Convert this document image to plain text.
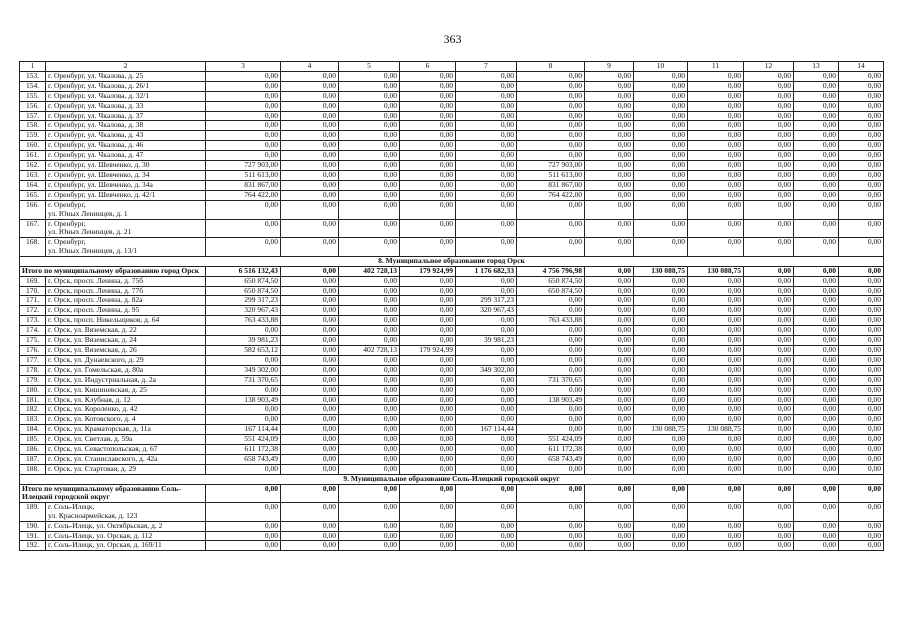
363
1	2	3	4	5	6	7	8	9	10	11	12	13	14
153.	г. Оренбург, ул. Чкалова, д. 25	0,00	0,00	0,00	0,00	0,00	0,00	0,00	0,00	0,00	0,00	0,00	0,00
154.	г. Оренбург, ул. Чкалова, д. 26/1	0,00	0,00	0,00	0,00	0,00	0,00	0,00	0,00	0,00	0,00	0,00	0,00
155.	г. Оренбург, ул. Чкалова, д. 32/1	0,00	0,00	0,00	0,00	0,00	0,00	0,00	0,00	0,00	0,00	0,00	0,00
156.	г. Оренбург, ул. Чкалова, д. 33	0,00	0,00	0,00	0,00	0,00	0,00	0,00	0,00	0,00	0,00	0,00	0,00
157.	г. Оренбург, ул. Чкалова, д. 37	0,00	0,00	0,00	0,00	0,00	0,00	0,00	0,00	0,00	0,00	0,00	0,00
158.	г. Оренбург, ул. Чкалова, д. 38	0,00	0,00	0,00	0,00	0,00	0,00	0,00	0,00	0,00	0,00	0,00	0,00
159.	г. Оренбург, ул. Чкалова, д. 43	0,00	0,00	0,00	0,00	0,00	0,00	0,00	0,00	0,00	0,00	0,00	0,00
160.	г. Оренбург, ул. Чкалова, д. 46	0,00	0,00	0,00	0,00	0,00	0,00	0,00	0,00	0,00	0,00	0,00	0,00
161.	г. Оренбург, ул. Чкалова, д. 47	0,00	0,00	0,00	0,00	0,00	0,00	0,00	0,00	0,00	0,00	0,00	0,00
162.	г. Оренбург, ул. Шевченко, д. 30	727 903,00	0,00	0,00	0,00	0,00	727 903,00	0,00	0,00	0,00	0,00	0,00	0,00
163.	г. Оренбург, ул. Шевченко, д. 34	511 613,00	0,00	0,00	0,00	0,00	511 613,00	0,00	0,00	0,00	0,00	0,00	0,00
164.	г. Оренбург, ул. Шевченко, д. 34а	831 867,00	0,00	0,00	0,00	0,00	831 867,00	0,00	0,00	0,00	0,00	0,00	0,00
165.	г. Оренбург, ул. Шевченко, д. 42/1	764 422,00	0,00	0,00	0,00	0,00	764 422,00	0,00	0,00	0,00	0,00	0,00	0,00
166.	г. Оренбург,
ул. Юных Ленинцев, д. 1	0,00	0,00	0,00	0,00	0,00	0,00	0,00	0,00	0,00	0,00	0,00	0,00
167.	г. Оренбург,
ул. Юных Ленинцев, д. 21	0,00	0,00	0,00	0,00	0,00	0,00	0,00	0,00	0,00	0,00	0,00	0,00
168.	г. Оренбург,
ул. Юных Ленинцев, д. 13/1	0,00	0,00	0,00	0,00	0,00	0,00	0,00	0,00	0,00	0,00	0,00	0,00
8. Муниципальное образование город Орск													
Итого по муниципальному образованию город Орск		6 516 132,43	0,00	402 728,13	179 924,99	1 176 682,33	4 756 796,98	0,00	130 088,75	130 088,75	0,00	0,00	0,00
169.	г. Орск, просп. Ленина, д. 75б	650 874,50	0,00	0,00	0,00	0,00	650 874,50	0,00	0,00	0,00	0,00	0,00	0,00
170.	г. Орск, просп. Ленина, д. 77б	650 874,50	0,00	0,00	0,00	0,00	650 874,50	0,00	0,00	0,00	0,00	0,00	0,00
171.	г. Орск, просп. Ленина, д. 82а	299 317,23	0,00	0,00	0,00	299 317,23	0,00	0,00	0,00	0,00	0,00	0,00	0,00
172.	г. Орск, просп. Ленина, д. 95	320 967,43	0,00	0,00	0,00	320 967,43	0,00	0,00	0,00	0,00	0,00	0,00	0,00
173.	г. Орск, просп. Никельщиков, д. 64	763 433,88	0,00	0,00	0,00	0,00	763 433,88	0,00	0,00	0,00	0,00	0,00	0,00
174.	г. Орск, ул. Вяземская, д. 22	0,00	0,00	0,00	0,00	0,00	0,00	0,00	0,00	0,00	0,00	0,00	0,00
175.	г. Орск, ул. Вяземская, д. 24	39 981,23	0,00	0,00	0,00	39 981,23	0,00	0,00	0,00	0,00	0,00	0,00	0,00
176.	г. Орск, ул. Вяземская, д. 26	582 653,12	0,00	402 728,13	179 924,99	0,00	0,00	0,00	0,00	0,00	0,00	0,00	0,00
177.	г. Орск, ул. Дунаевского, д. 29	0,00	0,00	0,00	0,00	0,00	0,00	0,00	0,00	0,00	0,00	0,00	0,00
178.	г. Орск, ул. Гомельская, д. 80а	349 302,00	0,00	0,00	0,00	349 302,00	0,00	0,00	0,00	0,00	0,00	0,00	0,00
179.	г. Орск, ул. Индустриальная, д. 2а	731 370,65	0,00	0,00	0,00	0,00	731 370,65	0,00	0,00	0,00	0,00	0,00	0,00
180.	г. Орск, ул. Кишиневская, д. 25	0,00	0,00	0,00	0,00	0,00	0,00	0,00	0,00	0,00	0,00	0,00	0,00
181.	г. Орск, ул. Клубная, д. 12	138 903,49	0,00	0,00	0,00	0,00	138 903,49	0,00	0,00	0,00	0,00	0,00	0,00
182.	г. Орск, ул. Короленко, д. 42	0,00	0,00	0,00	0,00	0,00	0,00	0,00	0,00	0,00	0,00	0,00	0,00
183.	г. Орск, ул. Котовского, д. 4	0,00	0,00	0,00	0,00	0,00	0,00	0,00	0,00	0,00	0,00	0,00	0,00
184.	г. Орск, ул. Краматорская, д. 11а	167 114,44	0,00	0,00	0,00	167 114,44	0,00	0,00	130 088,75	130 088,75	0,00	0,00	0,00
185.	г. Орск, ул. Светлая, д. 59а	551 424,09	0,00	0,00	0,00	0,00	551 424,09	0,00	0,00	0,00	0,00	0,00	0,00
186.	г. Орск, ул. Севастопольская, д. 67	611 172,38	0,00	0,00	0,00	0,00	611 172,38	0,00	0,00	0,00	0,00	0,00	0,00
187.	г. Орск, ул. Станиславского, д. 42а	658 743,49	0,00	0,00	0,00	0,00	658 743,49	0,00	0,00	0,00	0,00	0,00	0,00
188.	г. Орск, ул. Стартовая, д. 29	0,00	0,00	0,00	0,00	0,00	0,00	0,00	0,00	0,00	0,00	0,00	0,00
9. Муниципальное образование Соль-Илецкий городской округ													
Итого по муниципальному образованию Соль-Илецкий городской округ		0,00	0,00	0,00	0,00	0,00	0,00	0,00	0,00	0,00	0,00	0,00	0,00
189.	г. Соль-Илецк,
ул. Красноармейская, д. 123	0,00	0,00	0,00	0,00	0,00	0,00	0,00	0,00	0,00	0,00	0,00	0,00
190.	г. Соль-Илецк, ул. Октябрьская, д. 2	0,00	0,00	0,00	0,00	0,00	0,00	0,00	0,00	0,00	0,00	0,00	0,00
191.	г. Соль-Илецк, ул. Орская, д. 112	0,00	0,00	0,00	0,00	0,00	0,00	0,00	0,00	0,00	0,00	0,00	0,00
192.	г. Соль-Илецк, ул. Орская, д. 169/11	0,00	0,00	0,00	0,00	0,00	0,00	0,00	0,00	0,00	0,00	0,00	0,00
